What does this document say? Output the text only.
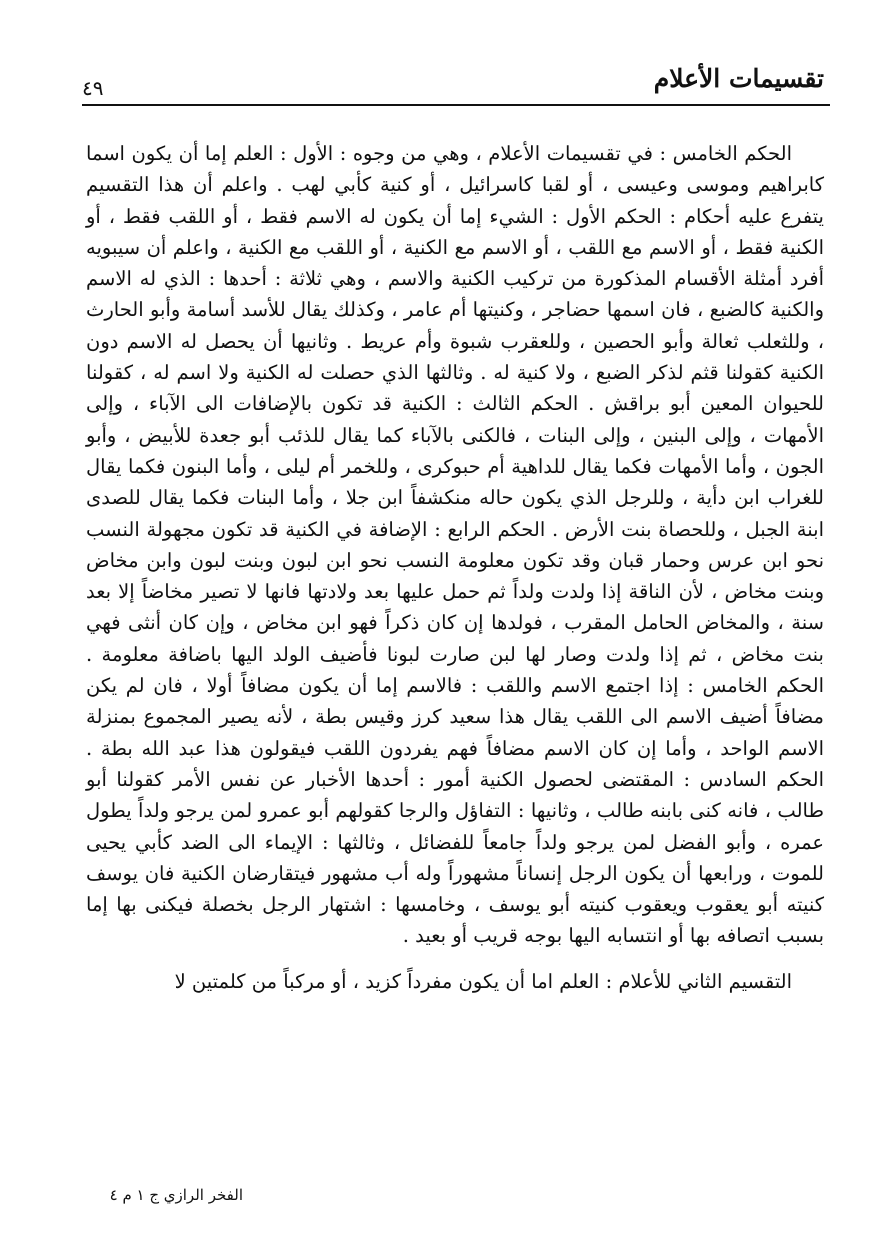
تقسيمات الأعلام
٤٩

الحكم الخامس : في تقسيمات الأعلام ، وهي من وجوه : الأول : العلم إما أن يكون اسما كابراهيم وموسى وعيسى ، أو لقبا كاسرائيل ، أو كنية كأبي لهب . واعلم أن هذا التقسيم يتفرع عليه أحكام : الحكم الأول : الشيء إما أن يكون له الاسم فقط ، أو اللقب فقط ، أو الكنية فقط ، أو الاسم مع اللقب ، أو الاسم مع الكنية ، أو اللقب مع الكنية ، واعلم أن سيبويه أفرد أمثلة الأقسام المذكورة من تركيب الكنية والاسم ، وهي ثلاثة : أحدها : الذي له الاسم والكنية كالضبع ، فان اسمها حضاجر ، وكنيتها أم عامر ، وكذلك يقال للأسد أسامة وأبو الحارث ، وللثعلب ثعالة وأبو الحصين ، وللعقرب شبوة وأم عريط . وثانيها أن يحصل له الاسم دون الكنية كقولنا قثم لذكر الضبع ، ولا كنية له . وثالثها الذي حصلت له الكنية ولا اسم له ، كقولنا للحيوان المعين أبو براقش . الحكم الثالث : الكنية قد تكون بالإضافات الى الآباء ، وإلى الأمهات ، وإلى البنين ، وإلى البنات ، فالكنى بالآباء كما يقال للذئب أبو جعدة للأبيض ، وأبو الجون ، وأما الأمهات فكما يقال للداهية أم حبوكرى ، وللخمر أم ليلى ، وأما البنون فكما يقال للغراب ابن دأية ، وللرجل الذي يكون حاله منكشفاً ابن جلا ، وأما البنات فكما يقال للصدى ابنة الجبل ، وللحصاة بنت الأرض . الحكم الرابع : الإضافة في الكنية قد تكون مجهولة النسب نحو ابن عرس وحمار قبان وقد تكون معلومة النسب نحو ابن لبون وبنت لبون وابن مخاض وبنت مخاض ، لأن الناقة إذا ولدت ولداً ثم حمل عليها بعد ولادتها فانها لا تصير مخاضاً إلا بعد سنة ، والمخاض الحامل المقرب ، فولدها إن كان ذكراً فهو ابن مخاض ، وإن كان أنثى فهي بنت مخاض ، ثم إذا ولدت وصار لها لبن صارت لبونا فأضيف الولد اليها باضافة معلومة . الحكم الخامس : إذا اجتمع الاسم واللقب : فالاسم إما أن يكون مضافاً أولا ، فان لم يكن مضافاً أضيف الاسم الى اللقب يقال هذا سعيد كرز وقيس بطة ، لأنه يصير المجموع بمنزلة الاسم الواحد ، وأما إن كان الاسم مضافاً فهم يفردون اللقب فيقولون هذا عبد الله بطة . الحكم السادس : المقتضى لحصول الكنية أمور : أحدها الأخبار عن نفس الأمر كقولنا أبو طالب ، فانه كنى بابنه طالب ، وثانيها : التفاؤل والرجا كقولهم أبو عمرو لمن يرجو ولداً يطول عمره ، وأبو الفضل لمن يرجو ولداً جامعاً للفضائل ، وثالثها : الإيماء الى الضد كأبي يحيى للموت ، ورابعها أن يكون الرجل إنساناً مشهوراً وله أب مشهور فيتقارضان الكنية فان يوسف كنيته أبو يعقوب ويعقوب كنيته أبو يوسف ، وخامسها : اشتهار الرجل بخصلة فيكنى بها إما بسبب اتصافه بها أو انتسابه اليها بوجه قريب أو بعيد .

التقسيم الثاني للأعلام : العلم اما أن يكون مفرداً كزيد ، أو مركباً من كلمتين لا

الفخر الرازي ج ١ م ٤
